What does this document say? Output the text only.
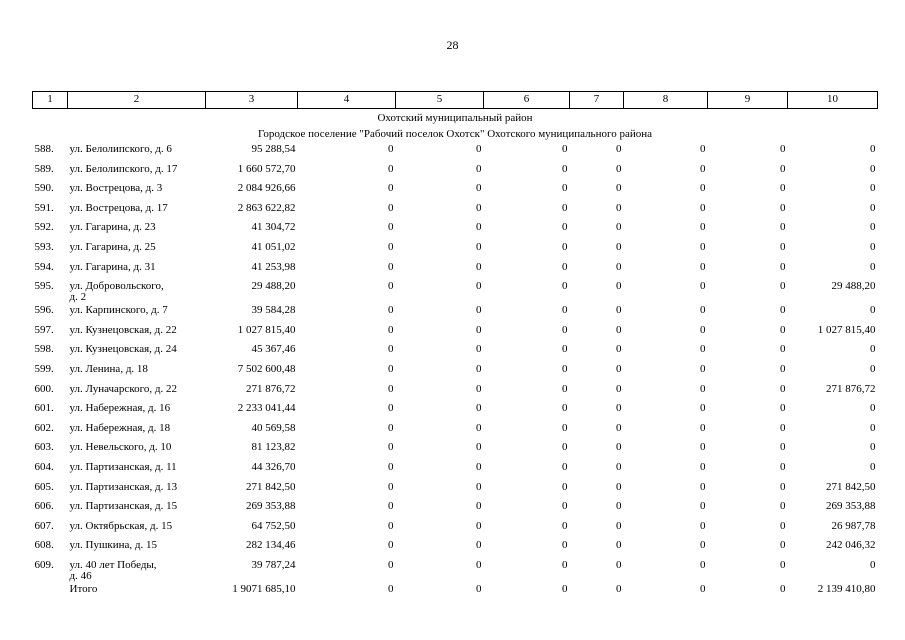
28
1	2	3	4	5	6	7	8	9	10
Охотский муниципальный район									
Городское поселение "Рабочий поселок Охотск" Охотского муниципального района									
588.	ул. Белолипского, д. 6	95 288,54	0	0	0	0	0	0	0
589.	ул. Белолипского, д. 17	1 660 572,70	0	0	0	0	0	0	0
590.	ул. Вострецова, д. 3	2 084 926,66	0	0	0	0	0	0	0
591.	ул. Вострецова, д. 17	2 863 622,82	0	0	0	0	0	0	0
592.	ул. Гагарина, д. 23	41 304,72	0	0	0	0	0	0	0
593.	ул. Гагарина, д. 25	41 051,02	0	0	0	0	0	0	0
594.	ул. Гагарина, д. 31	41 253,98	0	0	0	0	0	0	0
595.	ул. Добровольского,
д. 2	29 488,20	0	0	0	0	0	0	29 488,20
596.	ул. Карпинского, д. 7	39 584,28	0	0	0	0	0	0	0
597.	ул. Кузнецовская, д. 22	1 027 815,40	0	0	0	0	0	0	1 027 815,40
598.	ул. Кузнецовская, д. 24	45 367,46	0	0	0	0	0	0	0
599.	ул. Ленина, д. 18	7 502 600,48	0	0	0	0	0	0	0
600.	ул. Луначарского, д. 22	271 876,72	0	0	0	0	0	0	271 876,72
601.	ул. Набережная, д. 16	2 233 041,44	0	0	0	0	0	0	0
602.	ул. Набережная, д. 18	40 569,58	0	0	0	0	0	0	0
603.	ул. Невельского, д. 10	81 123,82	0	0	0	0	0	0	0
604.	ул. Партизанская, д. 11	44 326,70	0	0	0	0	0	0	0
605.	ул. Партизанская, д. 13	271 842,50	0	0	0	0	0	0	271 842,50
606.	ул. Партизанская, д. 15	269 353,88	0	0	0	0	0	0	269 353,88
607.	ул. Октябрьская, д. 15	64 752,50	0	0	0	0	0	0	26 987,78
608.	ул. Пушкина, д. 15	282 134,46	0	0	0	0	0	0	242 046,32
609.	ул. 40 лет Победы,
д. 46	39 787,24	0	0	0	0	0	0	0
	Итого	1 9071 685,10	0	0	0	0	0	0	2 139 410,80
